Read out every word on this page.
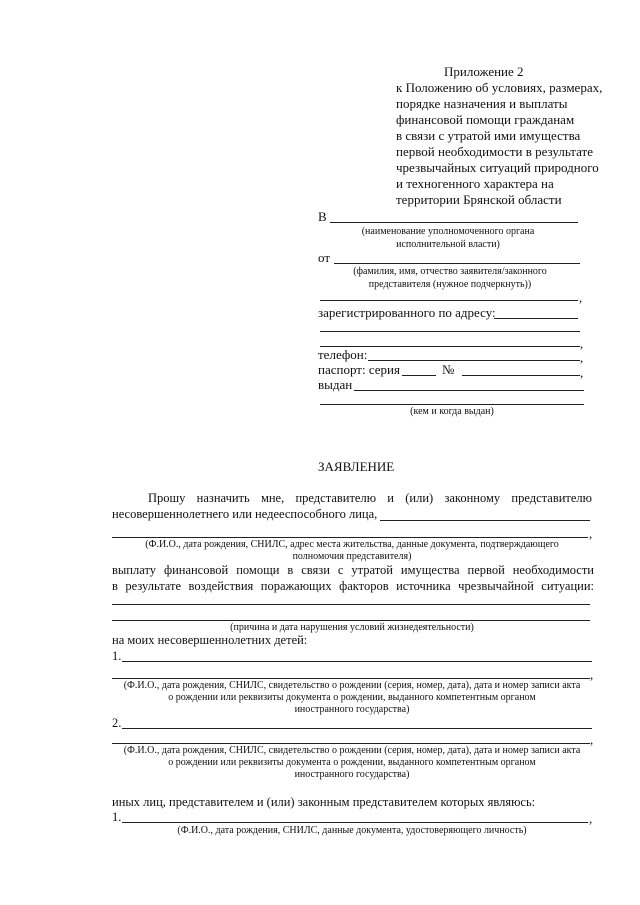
Приложение 2
к Положению об условиях, размерах,
порядке назначения и выплаты
финансовой помощи гражданам
в связи с утратой ими имущества
первой необходимости в результате
чрезвычайных ситуаций природного
и техногенного характера на
территории Брянской области
В
(наименование уполномоченного органа
исполнительной власти)
от
(фамилия, имя, отчество заявителя/законного
представителя (нужное подчеркнуть))
,
зарегистрированного по адресу:
,
телефон:	,
паспорт: серия	№	,
выдан
(кем и когда выдан)
ЗАЯВЛЕНИЕ
Прошу назначить мне, представителю и (или) законному представителю
несовершеннолетнего или недееспособного лица,
,
(Ф.И.О., дата рождения, СНИЛС, адрес места жительства, данные документа, подтверждающего
полномочия представителя)
выплату финансовой помощи в связи с утратой имущества первой необходимости
в результате воздействия поражающих факторов источника чрезвычайной ситуации:
(причина и дата нарушения условий жизнедеятельности)
на моих несовершеннолетних детей:
1.
,
(Ф.И.О., дата рождения, СНИЛС, свидетельство о рождении (серия, номер, дата), дата и номер записи акта
о рождении или реквизиты документа о рождении, выданного компетентным органом
иностранного государства)
2.
,
(Ф.И.О., дата рождения, СНИЛС, свидетельство о рождении (серия, номер, дата), дата и номер записи акта
о рождении или реквизиты документа о рождении, выданного компетентным органом
иностранного государства)
иных лиц, представителем и (или) законным представителем которых являюсь:
1.	,
(Ф.И.О., дата рождения, СНИЛС, данные документа, удостоверяющего личность)
